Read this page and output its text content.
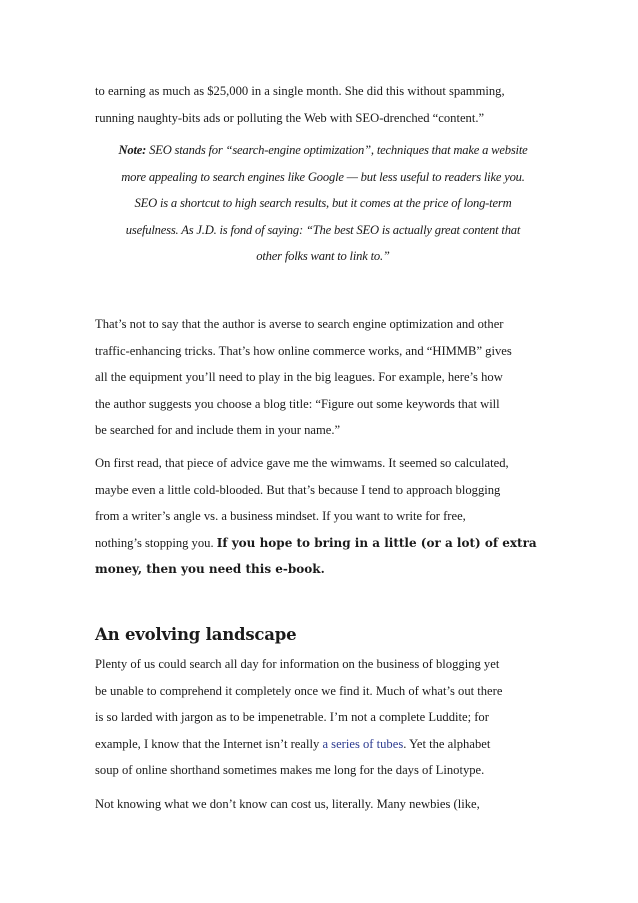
to earning as much as $25,000 in a single month. She did this without spamming,
running naughty-bits ads or polluting the Web with SEO-drenched “content.”
Note: SEO stands for “search-engine optimization”, techniques that make a website
more appealing to search engines like Google — but less useful to readers like you.
SEO is a shortcut to high search results, but it comes at the price of long-term
usefulness. As J.D. is fond of saying: “The best SEO is actually great content that
other folks want to link to.”
That’s not to say that the author is averse to search engine optimization and other
traffic-enhancing tricks. That’s how online commerce works, and “HIMMB” gives
all the equipment you’ll need to play in the big leagues. For example, here’s how
the author suggests you choose a blog title: “Figure out some keywords that will
be searched for and include them in your name.”
On first read, that piece of advice gave me the wimwams. It seemed so calculated,
maybe even a little cold-blooded. But that’s because I tend to approach blogging
from a writer’s angle vs. a business mindset. If you want to write for free,
nothing’s stopping you. If you hope to bring in a little (or a lot) of extra
money, then you need this e-book.
An evolving landscape
Plenty of us could search all day for information on the business of blogging yet
be unable to comprehend it completely once we find it. Much of what’s out there
is so larded with jargon as to be impenetrable. I’m not a complete Luddite; for
example, I know that the Internet isn’t really a series of tubes. Yet the alphabet
soup of online shorthand sometimes makes me long for the days of Linotype.
Not knowing what we don’t know can cost us, literally. Many newbies (like,
